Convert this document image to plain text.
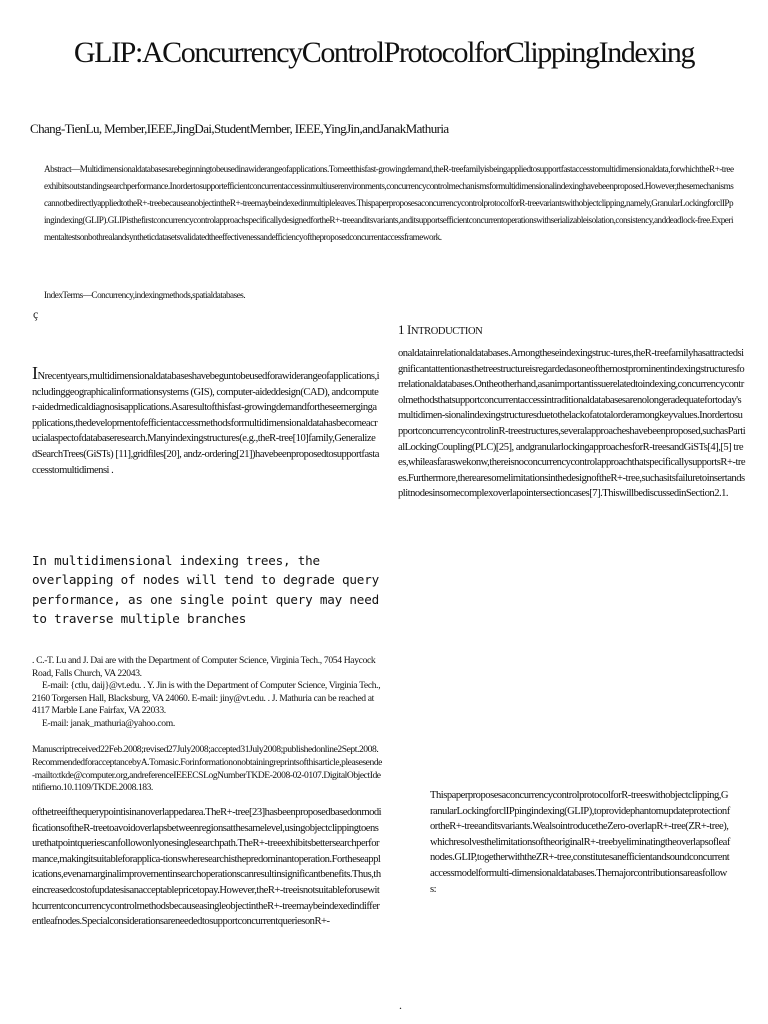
GLIP:AConcurrencyControlProtocolforClippingIndexing
Chang-TienLu, Member,IEEE,JingDai,StudentMember, IEEE,YingJin,andJanakMathuria
Abstract—Multidimensionaldatabasesarebeginningtobeusedinawiderangeofapplications.Tomeetthisfast-growingdemand,theR-treefamilyisbeingappliedtosupportfastaccesstomultidimensionaldata,forwhichtheR+-treeexhibitsoutstandingsearchperformance.Inordertosupportefficientconcurrentaccessinmultiuserenvironments,concurrencycontrolmechanismsformultidimensionalindexinghavebeenproposed.However,thesemechanismscannotbedirectlyappliedtotheR+-treebecauseanobjectintheR+-treemaybeindexedinmultipleleaves.ThispaperproposesaconcurrencycontrolprotocolforR-treevariantswithobjectclipping,namely,GranularLockingforclIPpingindexing(GLIP).GLIPisthefirstconcurrencycontrolapproachspecificallydesignedfortheR+-treeanditsvariants,anditsupportsefficientconcurrentoperationswithserializableisolation,consistency,anddeadlock-free.Experimentaltestsonbothrealandsyntheticdatasetsvalidatedtheeffectivenessandefficiencyoftheproposedconcurrentaccessframework.
IndexTerms—Concurrency,indexingmethods,spatialdatabases.
ç
1 INTRODUCTION
INrecentyears,multidimensionaldatabaseshavebeguntobeusedforawiderangeofapplications,includinggeographicalinformationsystems (GIS), computer-aideddesign(CAD), andcomputer-aidedmedicaldiagnosisapplications.Asaresultofthisfast-growingdemandfortheseemergingapplications,thedevelopmentofefficientaccessmethodsformultidimensionaldatahasbecomeacrucialaspectofdatabaseresearch.Manyindexingstructures(e.g.,theR-tree[10]family,GeneralizedSearchTrees(GiSTs) [11],gridfiles[20], andz-ordering[21])havebeenproposedtosupportfastaccesstomultidimensi .
In multidimensional indexing trees, the overlapping of nodes will tend to degrade query performance, as one single point query may need to traverse multiple branches

. C.-T. Lu and J. Dai are with the Department of Computer Science, Virginia Tech., 7054 Haycock Road, Falls Church, VA 22043.

E-mail: {ctlu, daij}@vt.edu. . Y. Jin is with the Department of Computer Science, Virginia Tech.,

2160 Torgersen Hall, Blacksburg, VA 24060. E-mail: jiny@vt.edu. . J. Mathuria can be reached at 4117 Marble Lane Fairfax, VA 22033.

E-mail: janak_mathuria@yahoo.com.

Manuscriptreceived22Feb.2008;revised27July2008;accepted31July2008;publishedonline2Sept.2008.RecommendedforacceptancebyA.Tomasic.Forinformationonobtainingreprintsofthisarticle,pleasesende-mailto:tkde@computer.org,andreferenceIEEECSLogNumberTKDE-2008-02-0107.DigitalObjectIdentifierno.10.1109/TKDE.2008.183.
ofthetreeifthequerypointisinanoverlappedarea.TheR+-tree[23]hasbeenproposedbasedonmodificationsoftheR-treetoavoidoverlapsbetweenregionsatthesamelevel,usingobjectclippingtoensurethatpointqueriescanfollowonlyonesinglesearchpath.TheR+-treeexhibitsbettersearchperformance,makingitsuitableforapplica-tionswheresearchisthepredominantoperation.Fortheseapplications,evenamarginalimprovementinsearchoperationscanresultinsignificantbenefits.Thus,theincreasedcostofupdatesisanacceptablepricetopay.However,theR+-treeisnotsuitableforusewithcurrentconcurrencycontrolmethodsbecauseasingleobjectintheR+-treemaybeindexedindifferentleafnodes.SpecialconsiderationsareneededtosupportconcurrentqueriesonR+-
onaldatainrelationaldatabases.Amongtheseindexingstruc-tures,theR-treefamilyhasattractedsignificantattentionasthetreestructureisregardedasoneofthemostprominentindexingstructuresforrelationaldatabases.Ontheotherhand,asanimportantissuerelatedtoindexing,concurrencycontrolmethodsthatsupportconcurrentaccessintraditionaldatabasesarenolongeradequatefortoday'smultidimen-sionalindexingstructuresduetothelackofatotalorderamongkeyvalues.InordertosupportconcurrencycontrolinR-treestructures,severalapproacheshavebeenproposed,suchasPartialLockingCoupling(PLC)[25], andgranularlockingapproachesforR-treesandGiSTs[4],[5] trees,whileasfaraswekonw,thereisnoconcurrencycontrolapproachthatspecificallysupportsR+-trees.Furthermore,therearesomelimitationsinthedesignoftheR+-tree,suchasitsfailuretoinsertandsplitnodesinsomecomplexoverlapointersectioncases[7].ThiswillbediscussedinSection2.1.
ThispaperproposesaconcurrencycontrolprotocolforR-treeswithobjectclipping,GranularLockingforclIPpingindexing(GLIP),toprovidephantomupdateprotectionfortheR+-treeanditsvariants.WealsointroducetheZero-overlapR+-tree(ZR+-tree),whichresolvesthelimitationsoftheoriginalR+-treebyeliminatingtheoverlapsofleafnodes.GLIP,togetherwiththeZR+-tree,constitutesanefficientandsoundconcurrentaccessmodelformulti-dimensionaldatabases.Themajorcontributionsareasfollows:
.
